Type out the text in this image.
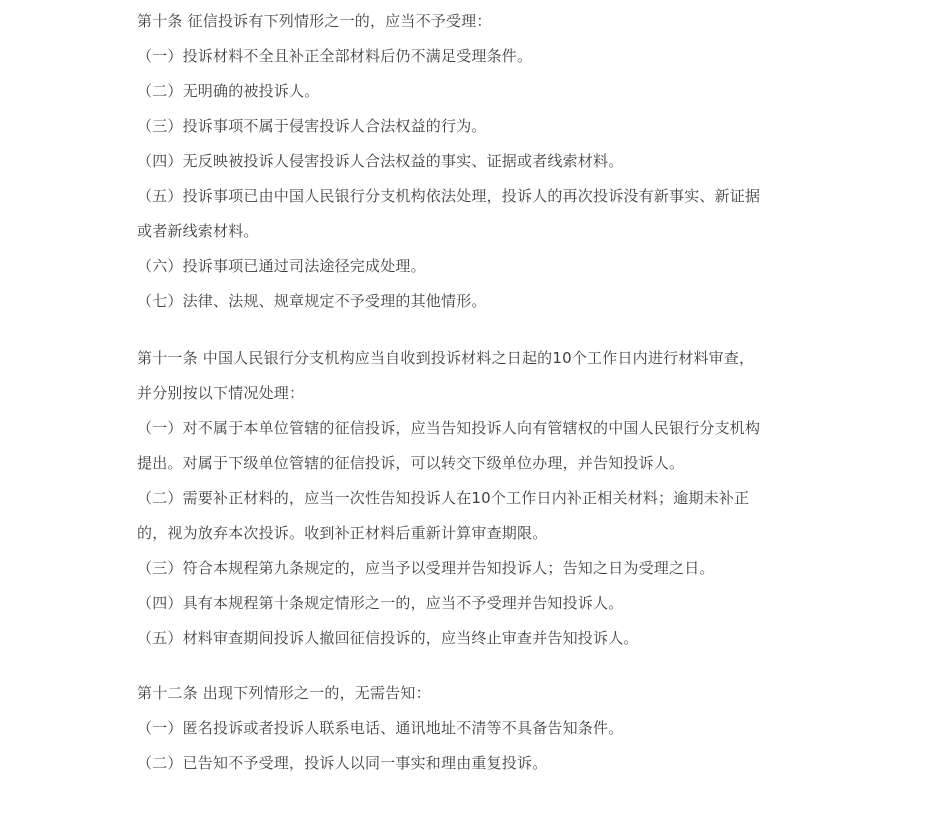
第十条 征信投诉有下列情形之一的，应当不予受理：
（一）投诉材料不全且补正全部材料后仍不满足受理条件。
（二）无明确的被投诉人。
（三）投诉事项不属于侵害投诉人合法权益的行为。
（四）无反映被投诉人侵害投诉人合法权益的事实、证据或者线索材料。
（五）投诉事项已由中国人民银行分支机构依法处理，投诉人的再次投诉没有新事实、新证据
或者新线索材料。
（六）投诉事项已通过司法途径完成处理。
（七）法律、法规、规章规定不予受理的其他情形。
第十一条 中国人民银行分支机构应当自收到投诉材料之日起的10个工作日内进行材料审查，
并分别按以下情况处理：
（一）对不属于本单位管辖的征信投诉，应当告知投诉人向有管辖权的中国人民银行分支机构
提出。对属于下级单位管辖的征信投诉，可以转交下级单位办理，并告知投诉人。
（二）需要补正材料的，应当一次性告知投诉人在10个工作日内补正相关材料；逾期未补正
的，视为放弃本次投诉。收到补正材料后重新计算审查期限。
（三）符合本规程第九条规定的，应当予以受理并告知投诉人；告知之日为受理之日。
（四）具有本规程第十条规定情形之一的，应当不予受理并告知投诉人。
（五）材料审查期间投诉人撤回征信投诉的，应当终止审查并告知投诉人。
第十二条 出现下列情形之一的，无需告知：
（一）匿名投诉或者投诉人联系电话、通讯地址不清等不具备告知条件。
（二）已告知不予受理，投诉人以同一事实和理由重复投诉。
